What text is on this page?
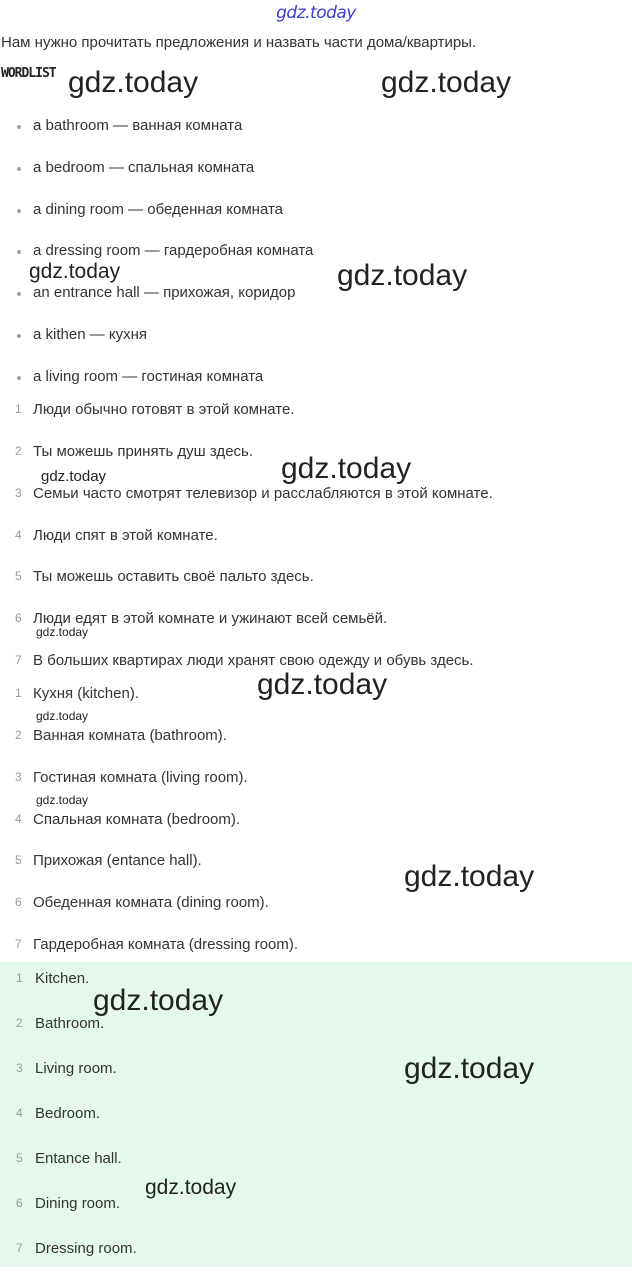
gdz.today
Нам нужно прочитать предложения и назвать части дома/квартиры.
WORDLIST
a bathroom — ванная комната
a bedroom — спальная комната
a dining room — обеденная комната
a dressing room — гардеробная комната
an entrance hall — прихожая, коридор
a kithen — кухня
a living room — гостиная комната
1 Люди обычно готовят в этой комнате.
2 Ты можешь принять душ здесь.
3 Семьи часто смотрят телевизор и расслабляются в этой комнате.
4 Люди спят в этой комнате.
5 Ты можешь оставить своё пальто здесь.
6 Люди едят в этой комнате и ужинают всей семьёй.
7 В больших квартирах люди хранят свою одежду и обувь здесь.
1 Кухня (kitchen).
2 Ванная комната (bathroom).
3 Гостиная комната (living room).
4 Спальная комната (bedroom).
5 Прихожая (entance hall).
6 Обеденная комната (dining room).
7 Гардеробная комната (dressing room).
1 Kitchen.
2 Bathroom.
3 Living room.
4 Bedroom.
5 Entance hall.
6 Dining room.
7 Dressing room.
gdz.today	gdz.today
gdz.today	gdz.today
gdz.today	gdz.today
gdz.today
gdz.today
gdz.today
gdz.today
gdz.today
gdz.today
gdz.today
gdz.today
